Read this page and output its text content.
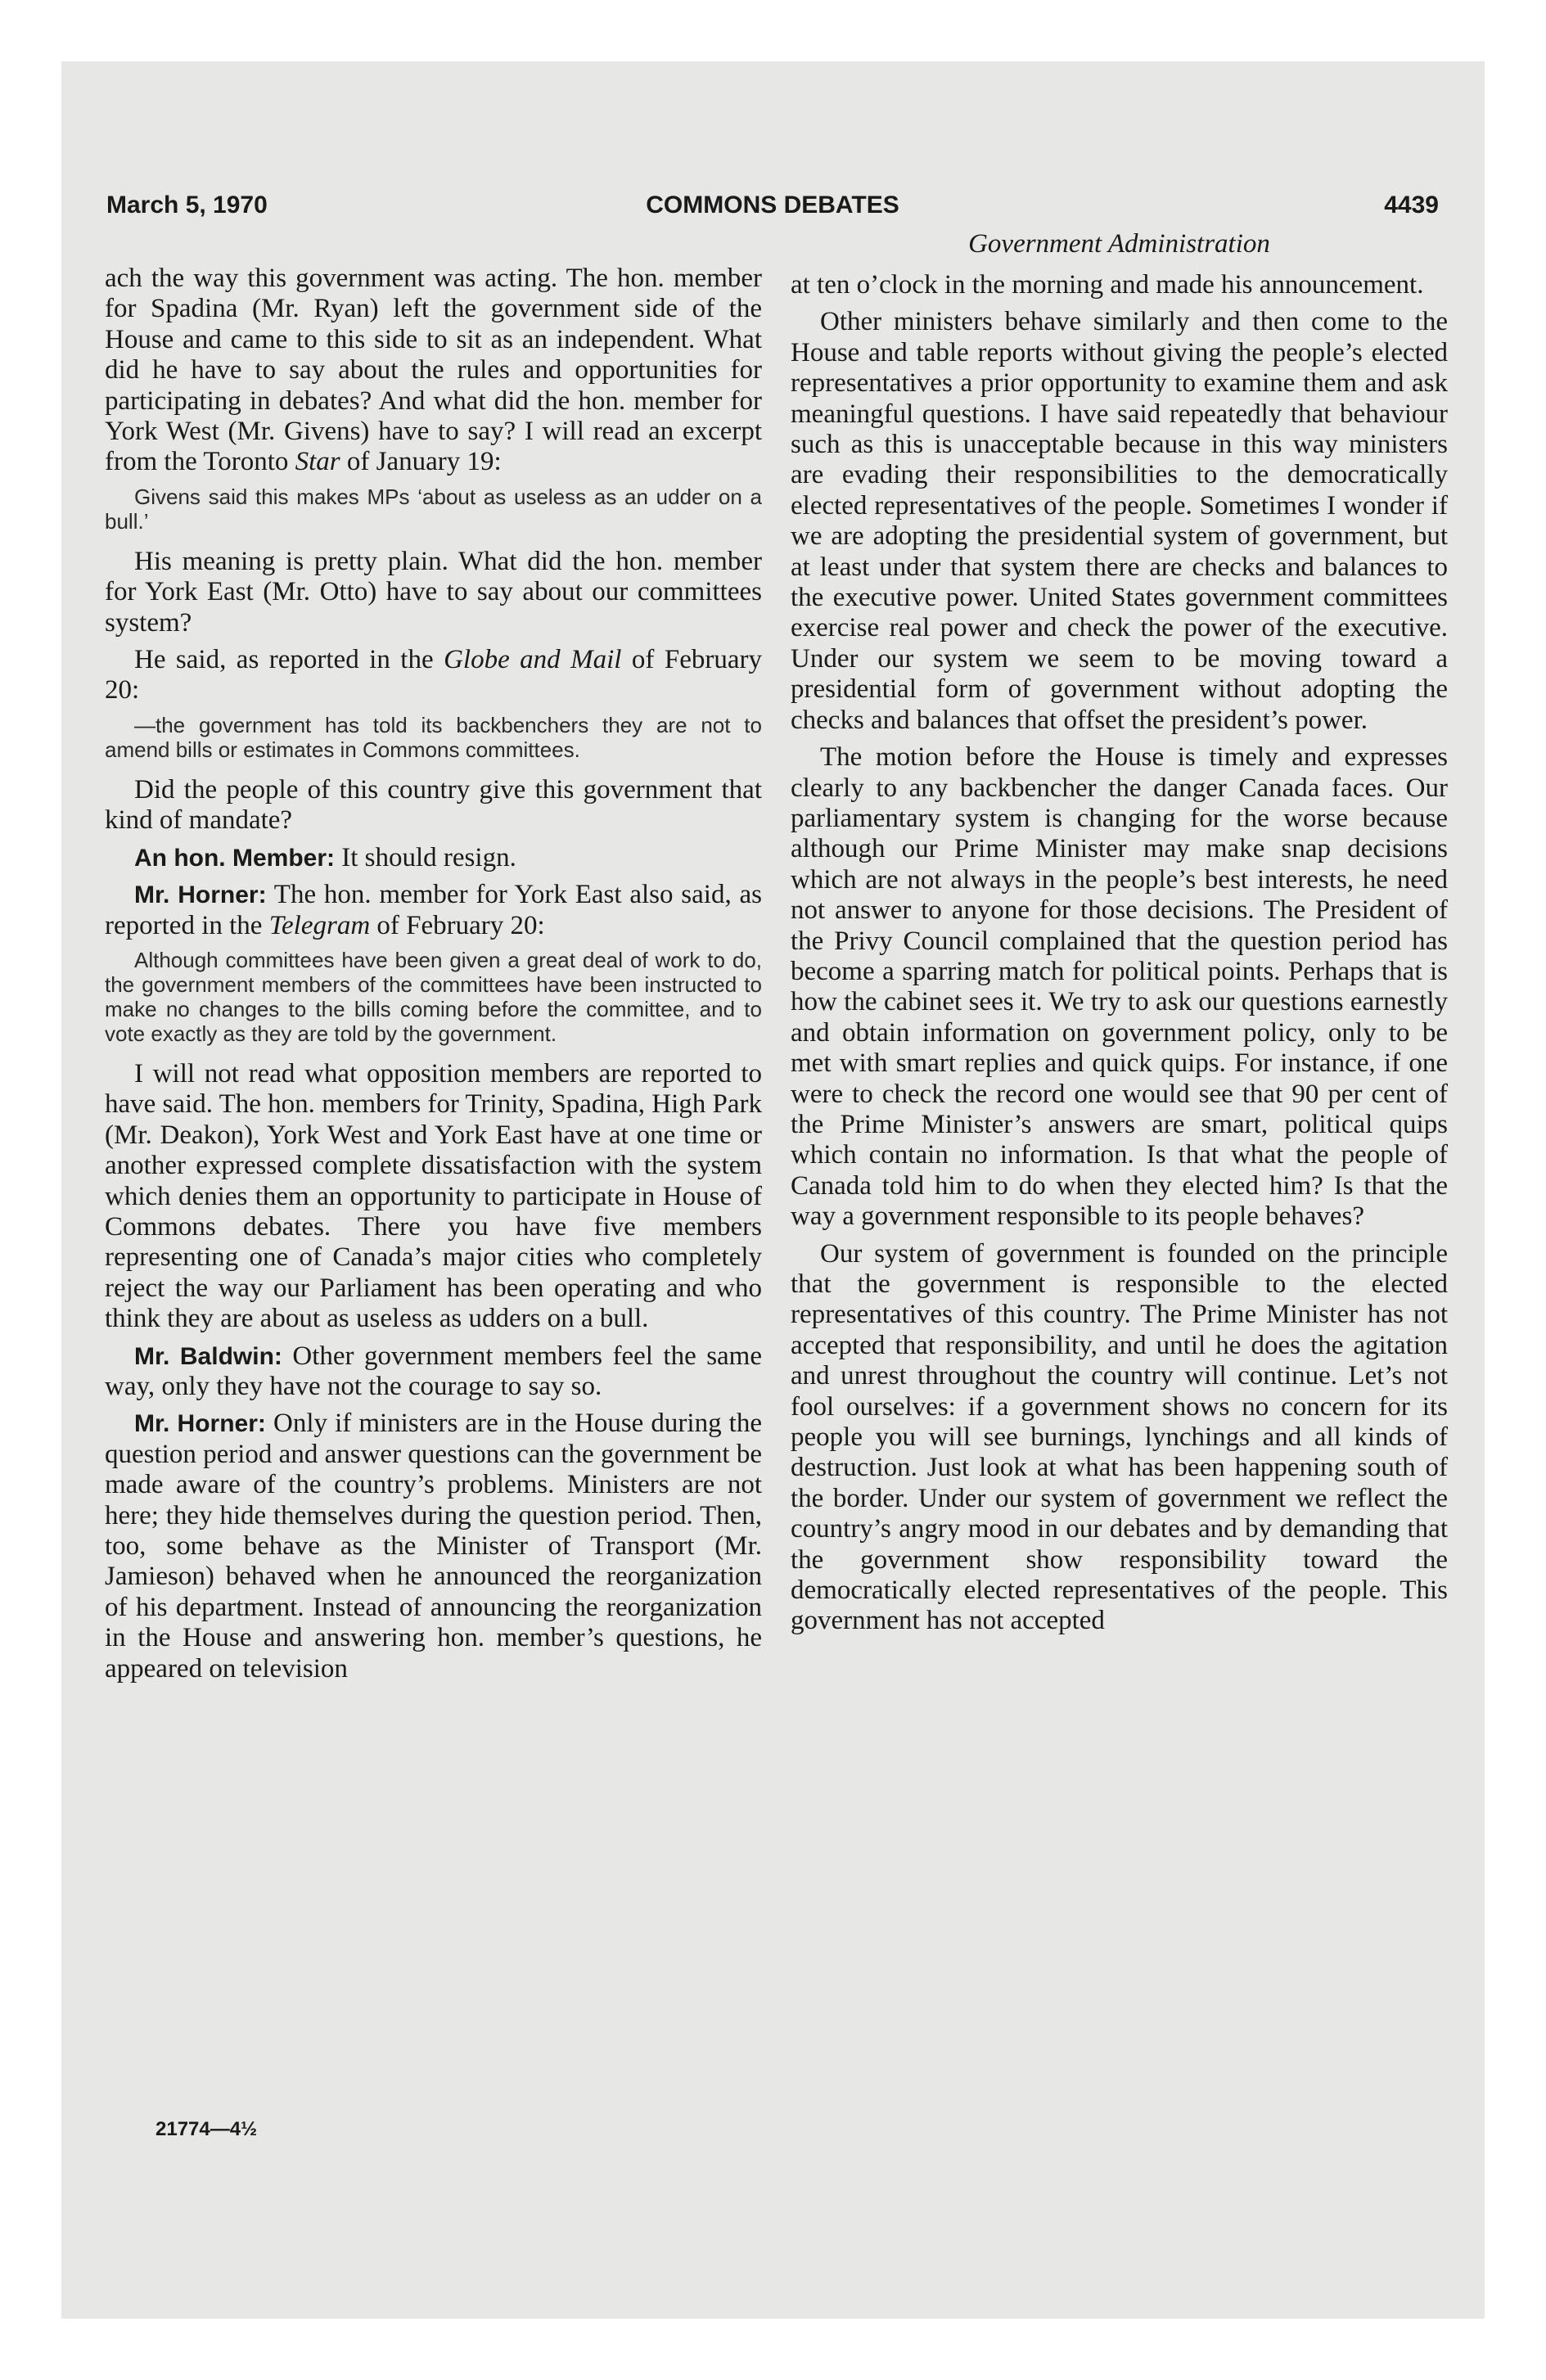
March 5, 1970	COMMONS DEBATES	4439
Government Administration

ach the way this government was acting. The hon. member for Spadina (Mr. Ryan) left the government side of the House and came to this side to sit as an independent. What did he have to say about the rules and opportunities for participating in debates? And what did the hon. member for York West (Mr. Givens) have to say? I will read an excerpt from the Toronto Star of January 19:

Givens said this makes MPs ‘about as useless as an udder on a bull.’

His meaning is pretty plain. What did the hon. member for York East (Mr. Otto) have to say about our committees system?

He said, as reported in the Globe and Mail of February 20:

—the government has told its backbenchers they are not to amend bills or estimates in Commons committees.

Did the people of this country give this government that kind of mandate?

An hon. Member: It should resign.

Mr. Horner: The hon. member for York East also said, as reported in the Telegram of February 20:

Although committees have been given a great deal of work to do, the government members of the committees have been instructed to make no changes to the bills coming before the committee, and to vote exactly as they are told by the government.

I will not read what opposition members are reported to have said. The hon. members for Trinity, Spadina, High Park (Mr. Deakon), York West and York East have at one time or another expressed complete dissatisfaction with the system which denies them an opportunity to participate in House of Commons debates. There you have five members representing one of Canada’s major cities who completely reject the way our Parliament has been operating and who think they are about as useless as udders on a bull.

Mr. Baldwin: Other government members feel the same way, only they have not the courage to say so.

Mr. Horner: Only if ministers are in the House during the question period and answer questions can the government be made aware of the country’s problems. Ministers are not here; they hide themselves during the question period. Then, too, some behave as the Minister of Transport (Mr. Jamieson) behaved when he announced the reorganization of his department. Instead of announcing the reorganization in the House and answering hon. member’s questions, he appeared on television

at ten o’clock in the morning and made his announcement.

Other ministers behave similarly and then come to the House and table reports without giving the people’s elected representatives a prior opportunity to examine them and ask meaningful questions. I have said repeatedly that behaviour such as this is unacceptable because in this way ministers are evading their responsibilities to the democratically elected representatives of the people. Sometimes I wonder if we are adopting the presidential system of government, but at least under that system there are checks and balances to the executive power. United States government committees exercise real power and check the power of the executive. Under our system we seem to be moving toward a presidential form of government without adopting the checks and balances that offset the president’s power.

The motion before the House is timely and expresses clearly to any backbencher the danger Canada faces. Our parliamentary system is changing for the worse because although our Prime Minister may make snap decisions which are not always in the people’s best interests, he need not answer to anyone for those decisions. The President of the Privy Council complained that the question period has become a sparring match for political points. Perhaps that is how the cabinet sees it. We try to ask our questions earnestly and obtain information on government policy, only to be met with smart replies and quick quips. For instance, if one were to check the record one would see that 90 per cent of the Prime Minister’s answers are smart, political quips which contain no information. Is that what the people of Canada told him to do when they elected him? Is that the way a government responsible to its people behaves?

Our system of government is founded on the principle that the government is responsible to the elected representatives of this country. The Prime Minister has not accepted that responsibility, and until he does the agitation and unrest throughout the country will continue. Let’s not fool ourselves: if a government shows no concern for its people you will see burnings, lynchings and all kinds of destruction. Just look at what has been happening south of the border. Under our system of government we reflect the country’s angry mood in our debates and by demanding that the government show responsibility toward the democratically elected representatives of the people. This government has not accepted

21774—4½
